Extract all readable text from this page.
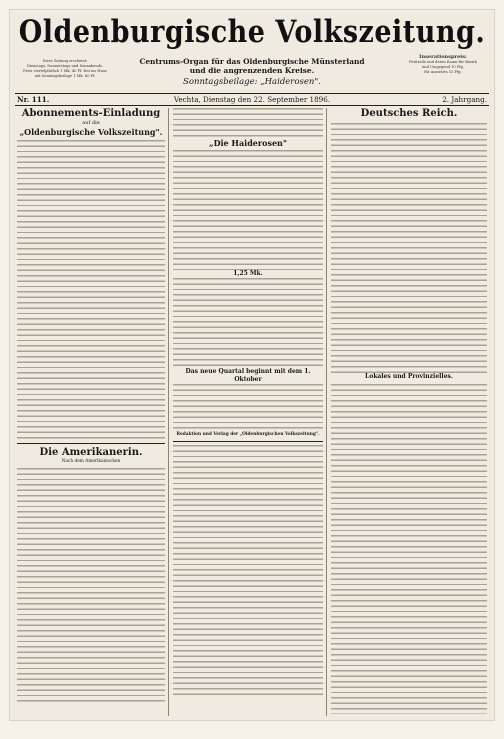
Oldenburgische Volkszeitung.
Diese Zeitung erscheint:
Dienstags, Donnerstags und Sonnabends.
Preis vierteljährlich 1 Mk. 40 Pf. frei ins Haus
mit Sonntagsbeilage 1 Mk. 60 Pf.
Centrums-Organ für das Oldenburgische Münsterland
und die angrenzenden Kreise.
Sonntagsbeilage: „Haiderosen".
Inserationspreis:
Petitzeile und deren Raum für Bezirk
und Umgegend 10 Pfg.
für Auswärts 15 Pfg.
Nr. 111.	Vechta, Dienstag den 22. September 1896.	2. Jahrgang.
Abonnements-Einladung
auf die
„Oldenburgische Volkszeitung".
Die Amerikanerin.
Nach dem Amerikanischen
„Die Haiderosen"
1,25 Mk.
Das neue Quartal beginnt mit dem 1. Oktober
Redaktion und Verlag der „Oldenburgischen Volkszeitung".
Deutsches Reich.
Lokales und Provinzielles.
